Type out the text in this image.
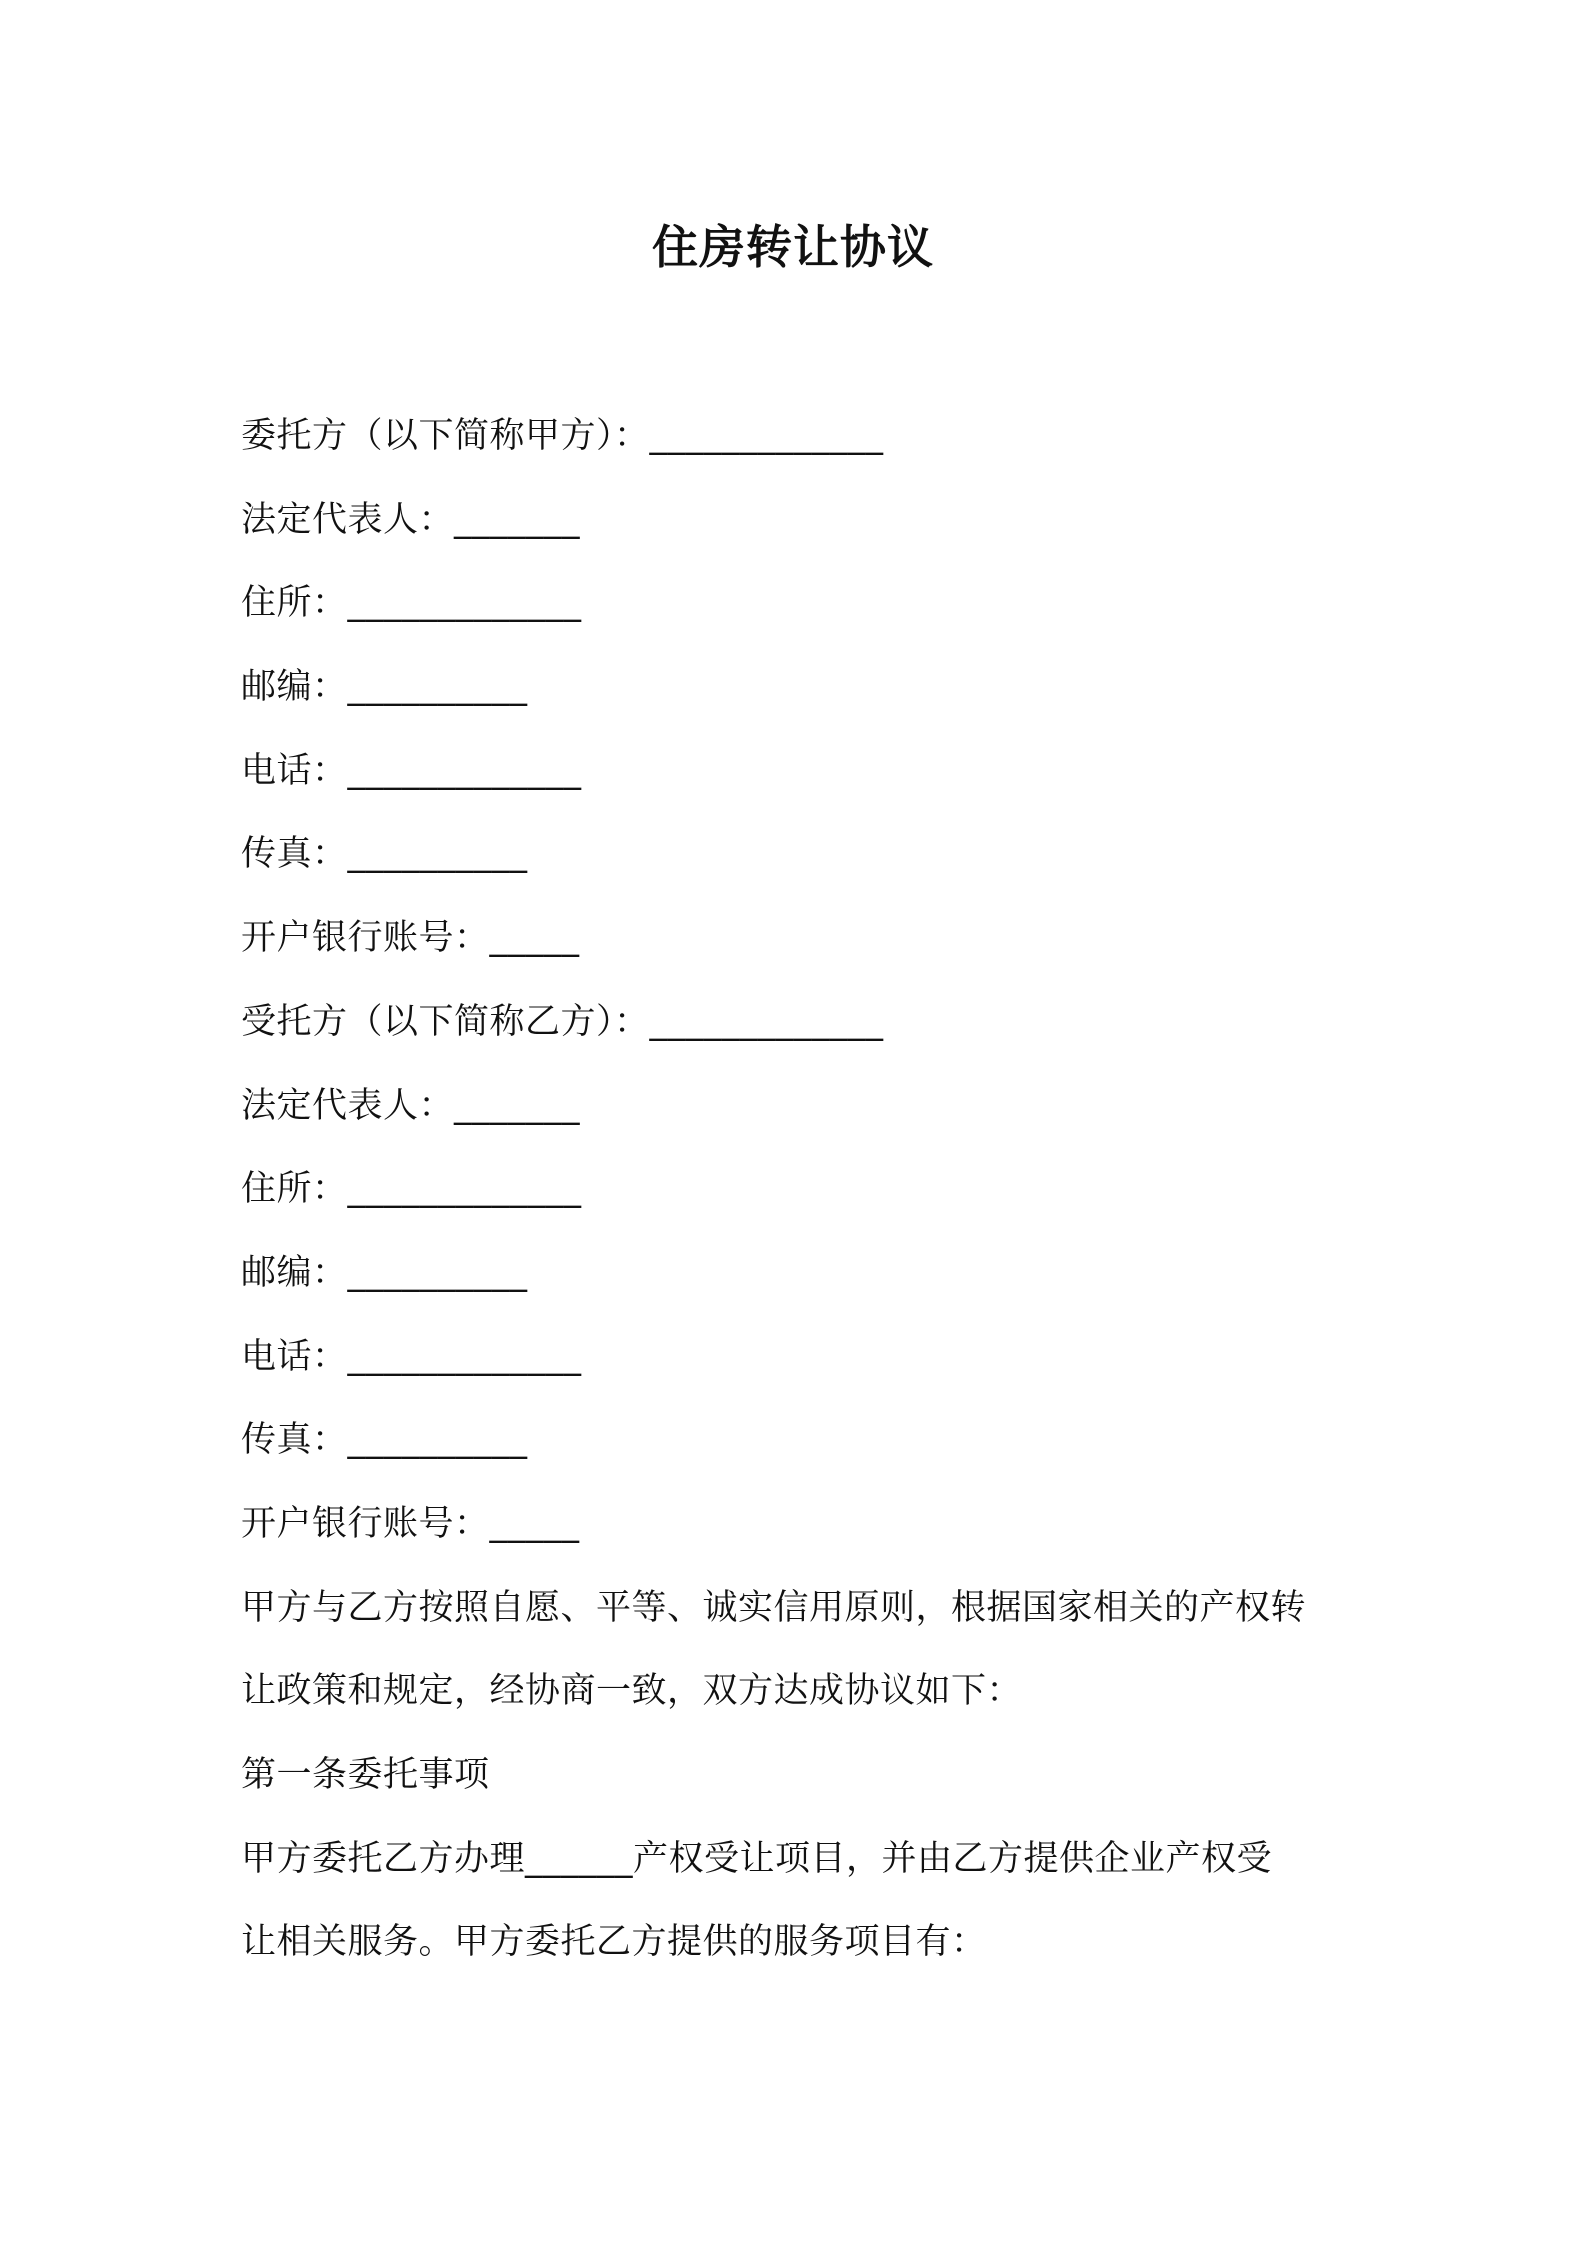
住房转让协议
委托方（以下简称甲方）：_____________
法定代表人：_______
住所：_____________
邮编：__________
电话：_____________
传真：__________
开户银行账号：_____
受托方（以下简称乙方）：_____________
法定代表人：_______
住所：_____________
邮编：__________
电话：_____________
传真：__________
开户银行账号：_____
甲方与乙方按照自愿、平等、诚实信用原则，根据国家相关的产权转
让政策和规定，经协商一致，双方达成协议如下：
第一条委托事项
甲方委托乙方办理______产权受让项目，并由乙方提供企业产权受
让相关服务。甲方委托乙方提供的服务项目有：
